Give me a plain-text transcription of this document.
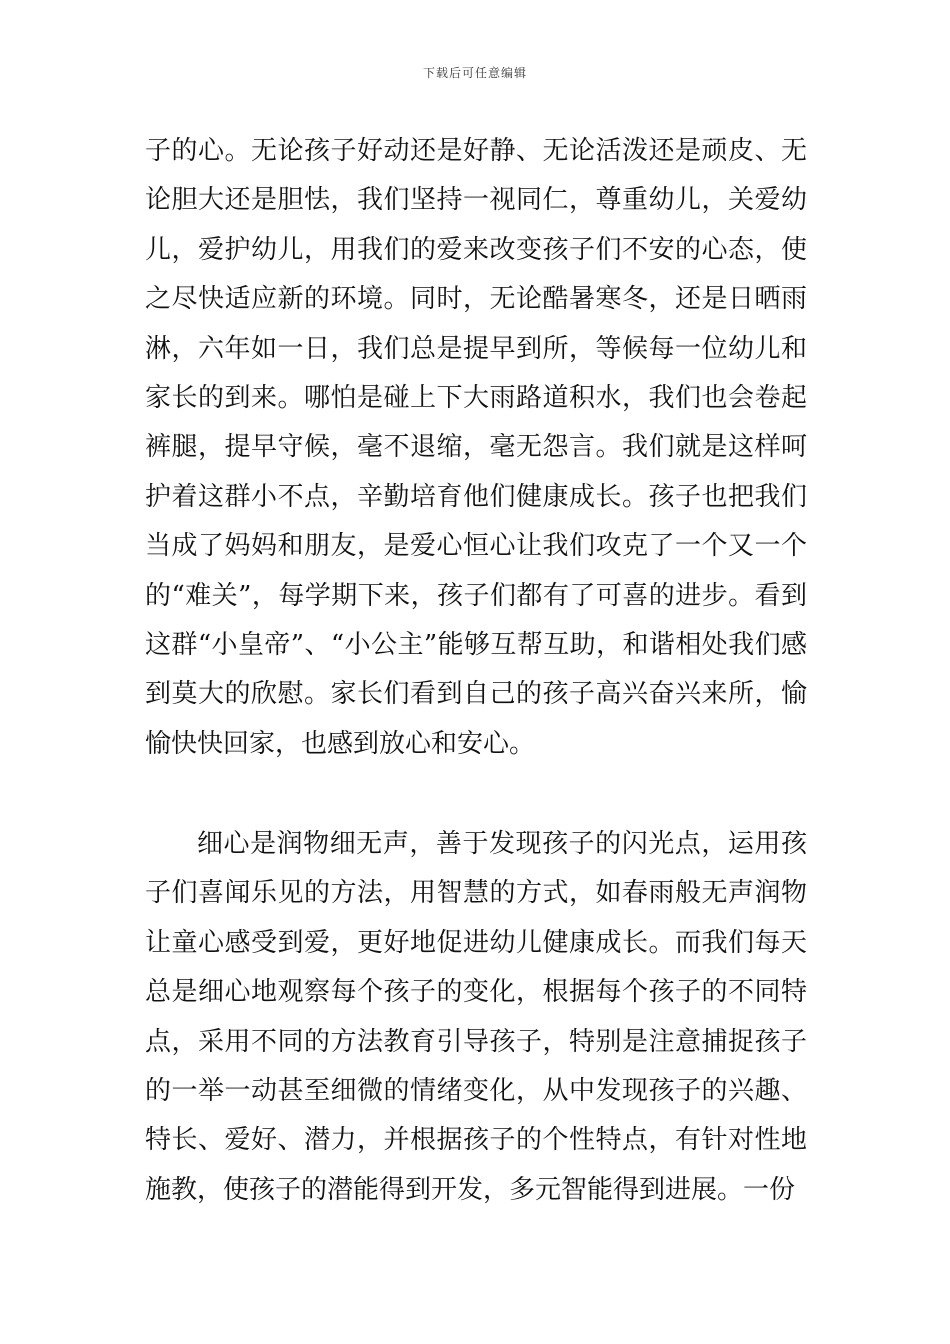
下载后可任意编辑

子的心。无论孩子好动还是好静、无论活泼还是顽皮、无论胆大还是胆怯，我们坚持一视同仁，尊重幼儿，关爱幼儿，爱护幼儿，用我们的爱来改变孩子们不安的心态，使之尽快适应新的环境。同时，无论酷暑寒冬，还是日晒雨淋，六年如一日，我们总是提早到所，等候每一位幼儿和家长的到来。哪怕是碰上下大雨路道积水，我们也会卷起裤腿，提早守候，毫不退缩，毫无怨言。我们就是这样呵护着这群小不点，辛勤培育他们健康成长。孩子也把我们当成了妈妈和朋友，是爱心恒心让我们攻克了一个又一个的“难关”，每学期下来，孩子们都有了可喜的进步。看到这群“小皇帝”、“小公主”能够互帮互助，和谐相处我们感到莫大的欣慰。家长们看到自己的孩子高兴奋兴来所，愉愉快快回家，也感到放心和安心。

细心是润物细无声，善于发现孩子的闪光点，运用孩子们喜闻乐见的方法，用智慧的方式，如春雨般无声润物让童心感受到爱，更好地促进幼儿健康成长。而我们每天总是细心地观察每个孩子的变化，根据每个孩子的不同特点，采用不同的方法教育引导孩子，特别是注意捕捉孩子的一举一动甚至细微的情绪变化，从中发现孩子的兴趣、特长、爱好、潜力，并根据孩子的个性特点，有针对性地施教，使孩子的潜能得到开发，多元智能得到进展。一份
